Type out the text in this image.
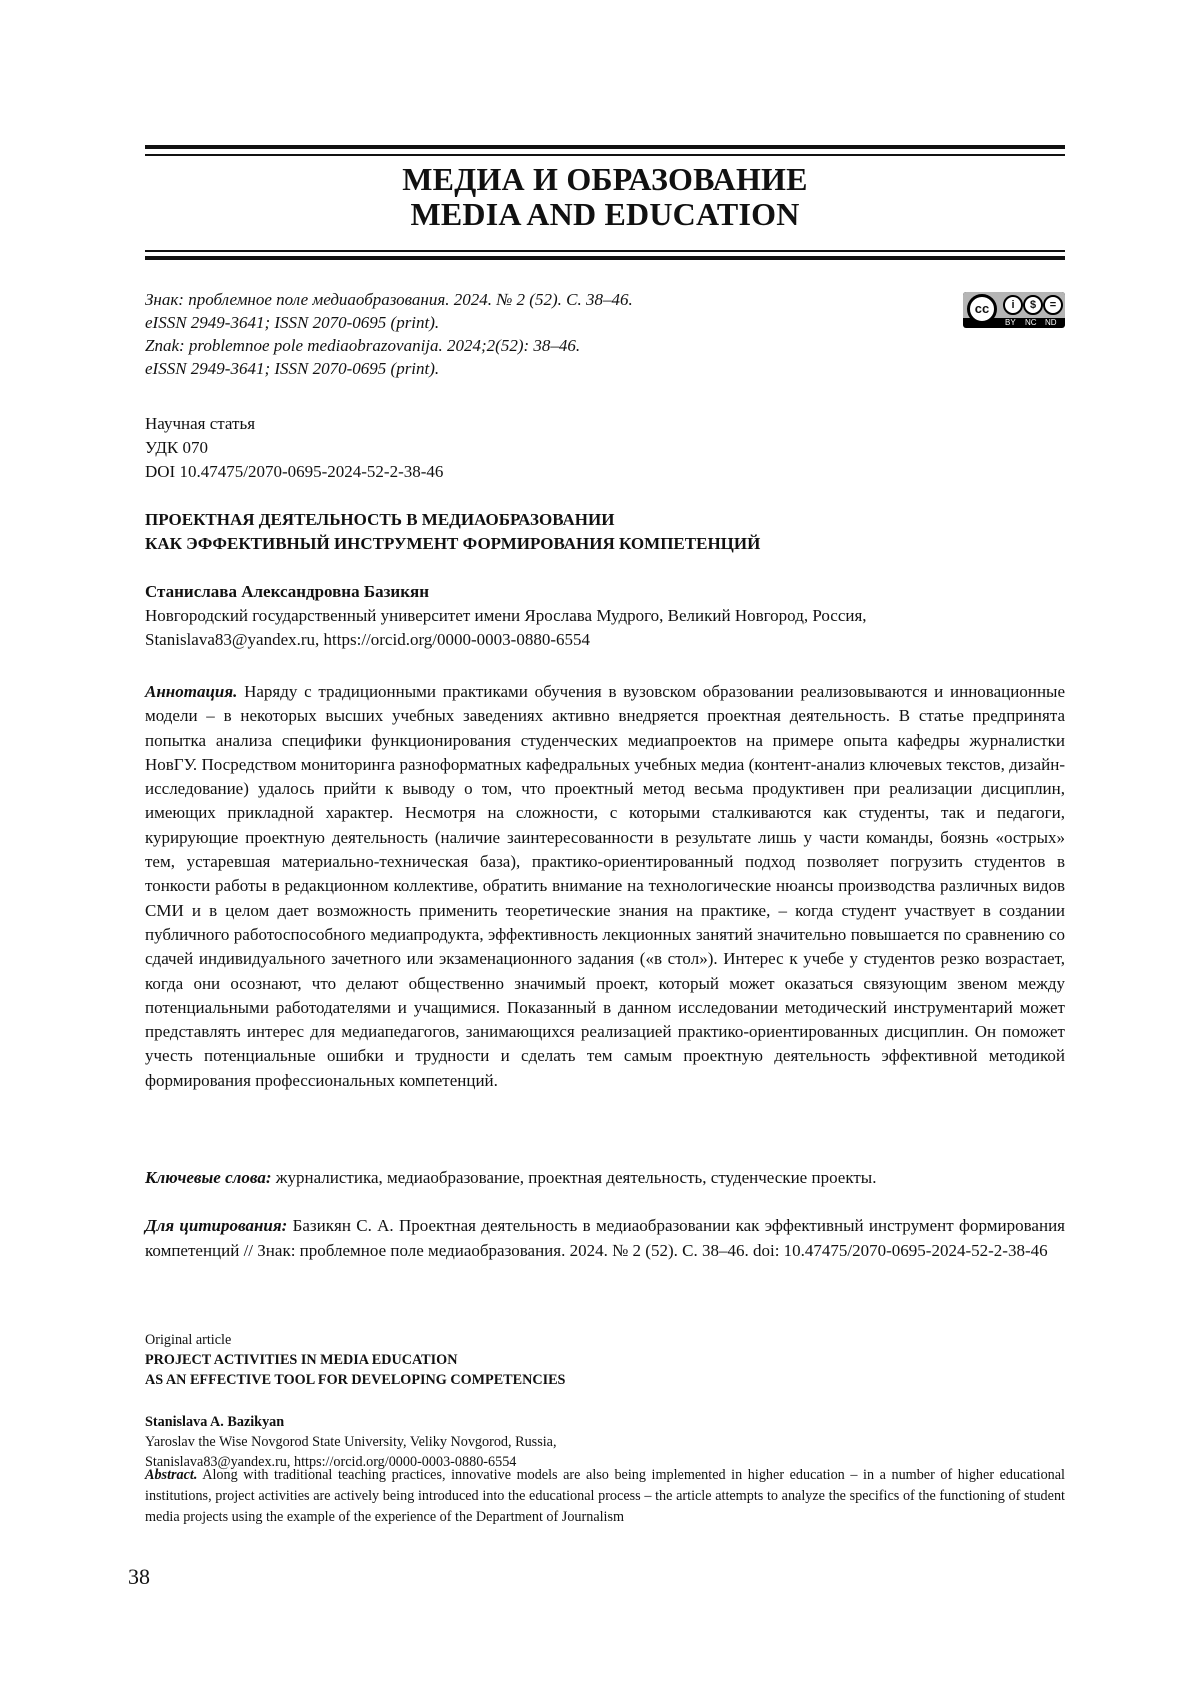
МЕДИА И ОБРАЗОВАНИЕ
MEDIA AND EDUCATION
Знак: проблемное поле медиаобразования. 2024. № 2 (52). С. 38–46.
eISSN 2949-3641; ISSN 2070-0695 (print).
Znak: problemnoe pole mediaobrazovanija. 2024;2(52): 38–46.
eISSN 2949-3641; ISSN 2070-0695 (print).
cc	i	$	=
BY NC ND
Научная статья
УДК 070
DOI 10.47475/2070-0695-2024-52-2-38-46
ПРОЕКТНАЯ ДЕЯТЕЛЬНОСТЬ В МЕДИАОБРАЗОВАНИИ
КАК ЭФФЕКТИВНЫЙ ИНСТРУМЕНТ ФОРМИРОВАНИЯ КОМПЕТЕНЦИЙ
Станислава Александровна Базикян
Новгородский государственный университет имени Ярослава Мудрого, Великий Новгород, Россия,
Stanislava83@yandex.ru, https://orcid.org/0000-0003-0880-6554
Аннотация. Наряду с традиционными практиками обучения в вузовском образовании реализовываются и инновационные модели – в некоторых высших учебных заведениях активно внедряется проектная деятельность. В статье предпринята попытка анализа специфики функционирования студенческих медиапроектов на примере опыта кафедры журналистки НовГУ. Посредством мониторинга разноформатных кафедральных учебных медиа (контент-анализ ключевых текстов, дизайн-исследование) удалось прийти к выводу о том, что проектный метод весьма продуктивен при реализации дисциплин, имеющих прикладной характер. Несмотря на сложности, с которыми сталкиваются как студенты, так и педагоги, курирующие проектную деятельность (наличие заинтересованности в результате лишь у части команды, боязнь «острых» тем, устаревшая материально-техническая база), практико-ориентированный подход позволяет погрузить студентов в тонкости работы в редакционном коллективе, обратить внимание на технологические нюансы производства различных видов СМИ и в целом дает возможность применить теоретические знания на практике, – когда студент участвует в создании публичного работоспособного медиапродукта, эффективность лекционных занятий значительно повышается по сравнению со сдачей индивидуального зачетного или экзаменационного задания («в стол»). Интерес к учебе у студентов резко возрастает, когда они осознают, что делают общественно значимый проект, который может оказаться связующим звеном между потенциальными работодателями и учащимися. Показанный в данном исследовании методический инструментарий может представлять интерес для медиапедагогов, занимающихся реализацией практико-ориентированных дисциплин. Он поможет учесть потенциальные ошибки и трудности и сделать тем самым проектную деятельность эффективной методикой формирования профессиональных компетенций.
Ключевые слова: журналистика, медиаобразование, проектная деятельность, студенческие проекты.
Для цитирования: Базикян С. А. Проектная деятельность в медиаобразовании как эффективный инструмент формирования компетенций // Знак: проблемное поле медиаобразования. 2024. № 2 (52). С. 38–46. doi: 10.47475/2070-0695-2024-52-2-38-46
Original article
PROJECT ACTIVITIES IN MEDIA EDUCATION
AS AN EFFECTIVE TOOL FOR DEVELOPING COMPETENCIES
Stanislava A. Bazikyan
Yaroslav the Wise Novgorod State University, Veliky Novgorod, Russia,
Stanislava83@yandex.ru, https://orcid.org/0000-0003-0880-6554
Abstract. Along with traditional teaching practices, innovative models are also being implemented in higher education – in a number of higher educational institutions, project activities are actively being introduced into the educational process – the article attempts to analyze the specifics of the functioning of student media projects using the example of the experience of the Department of Journalism
38
